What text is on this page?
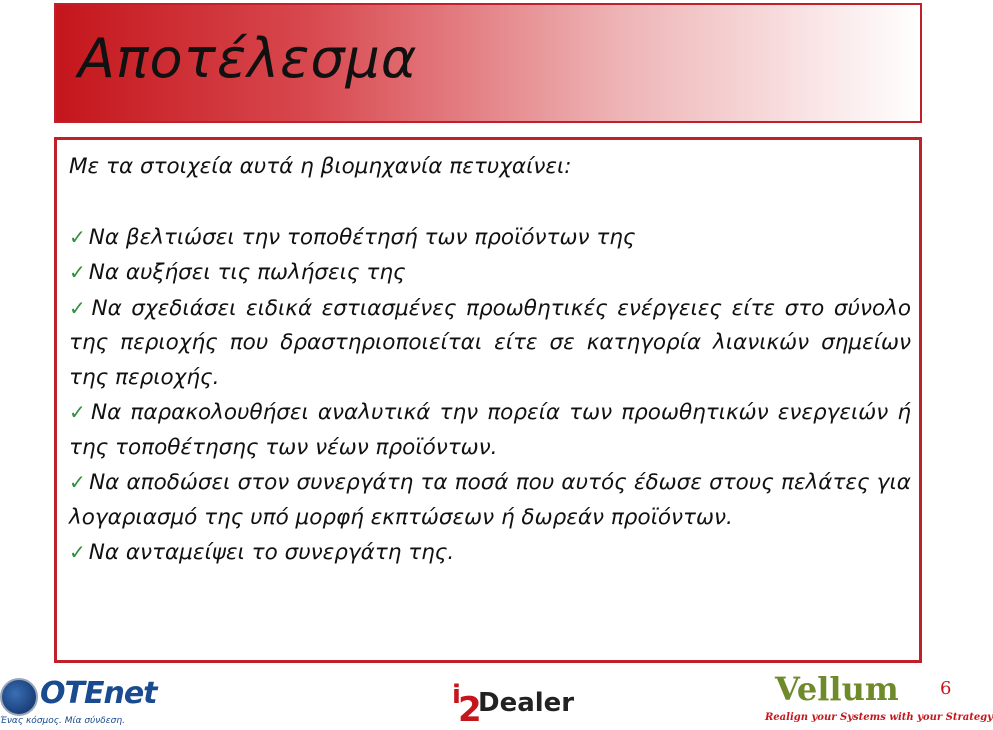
Αποτέλεσμα

Με τα στοιχεία αυτά η βιομηχανία πετυχαίνει:

✓ Να βελτιώσει την τοποθέτησή των προϊόντων της

✓ Να αυξήσει τις πωλήσεις της

✓ Να σχεδιάσει ειδικά εστιασμένες προωθητικές ενέργειες είτε στο σύνολο της περιοχής που δραστηριοποιείται είτε σε κατηγορία λιανικών σημείων της περιοχής.

✓ Να παρακολουθήσει αναλυτικά την πορεία των προωθητικών ενεργειών ή της τοποθέτησης των νέων προϊόντων.

✓ Να αποδώσει στον συνεργάτη τα ποσά που αυτός έδωσε στους πελάτες για λογαριασμό της υπό μορφή εκπτώσεων ή δωρεάν προϊόντων.

✓ Να ανταμείψει το συνεργάτη της.

OTEnet
Ένας κόσμος. Μία σύνδεση.
i
2
Dealer	Vellum
Realign your Systems with your Strategy
6
